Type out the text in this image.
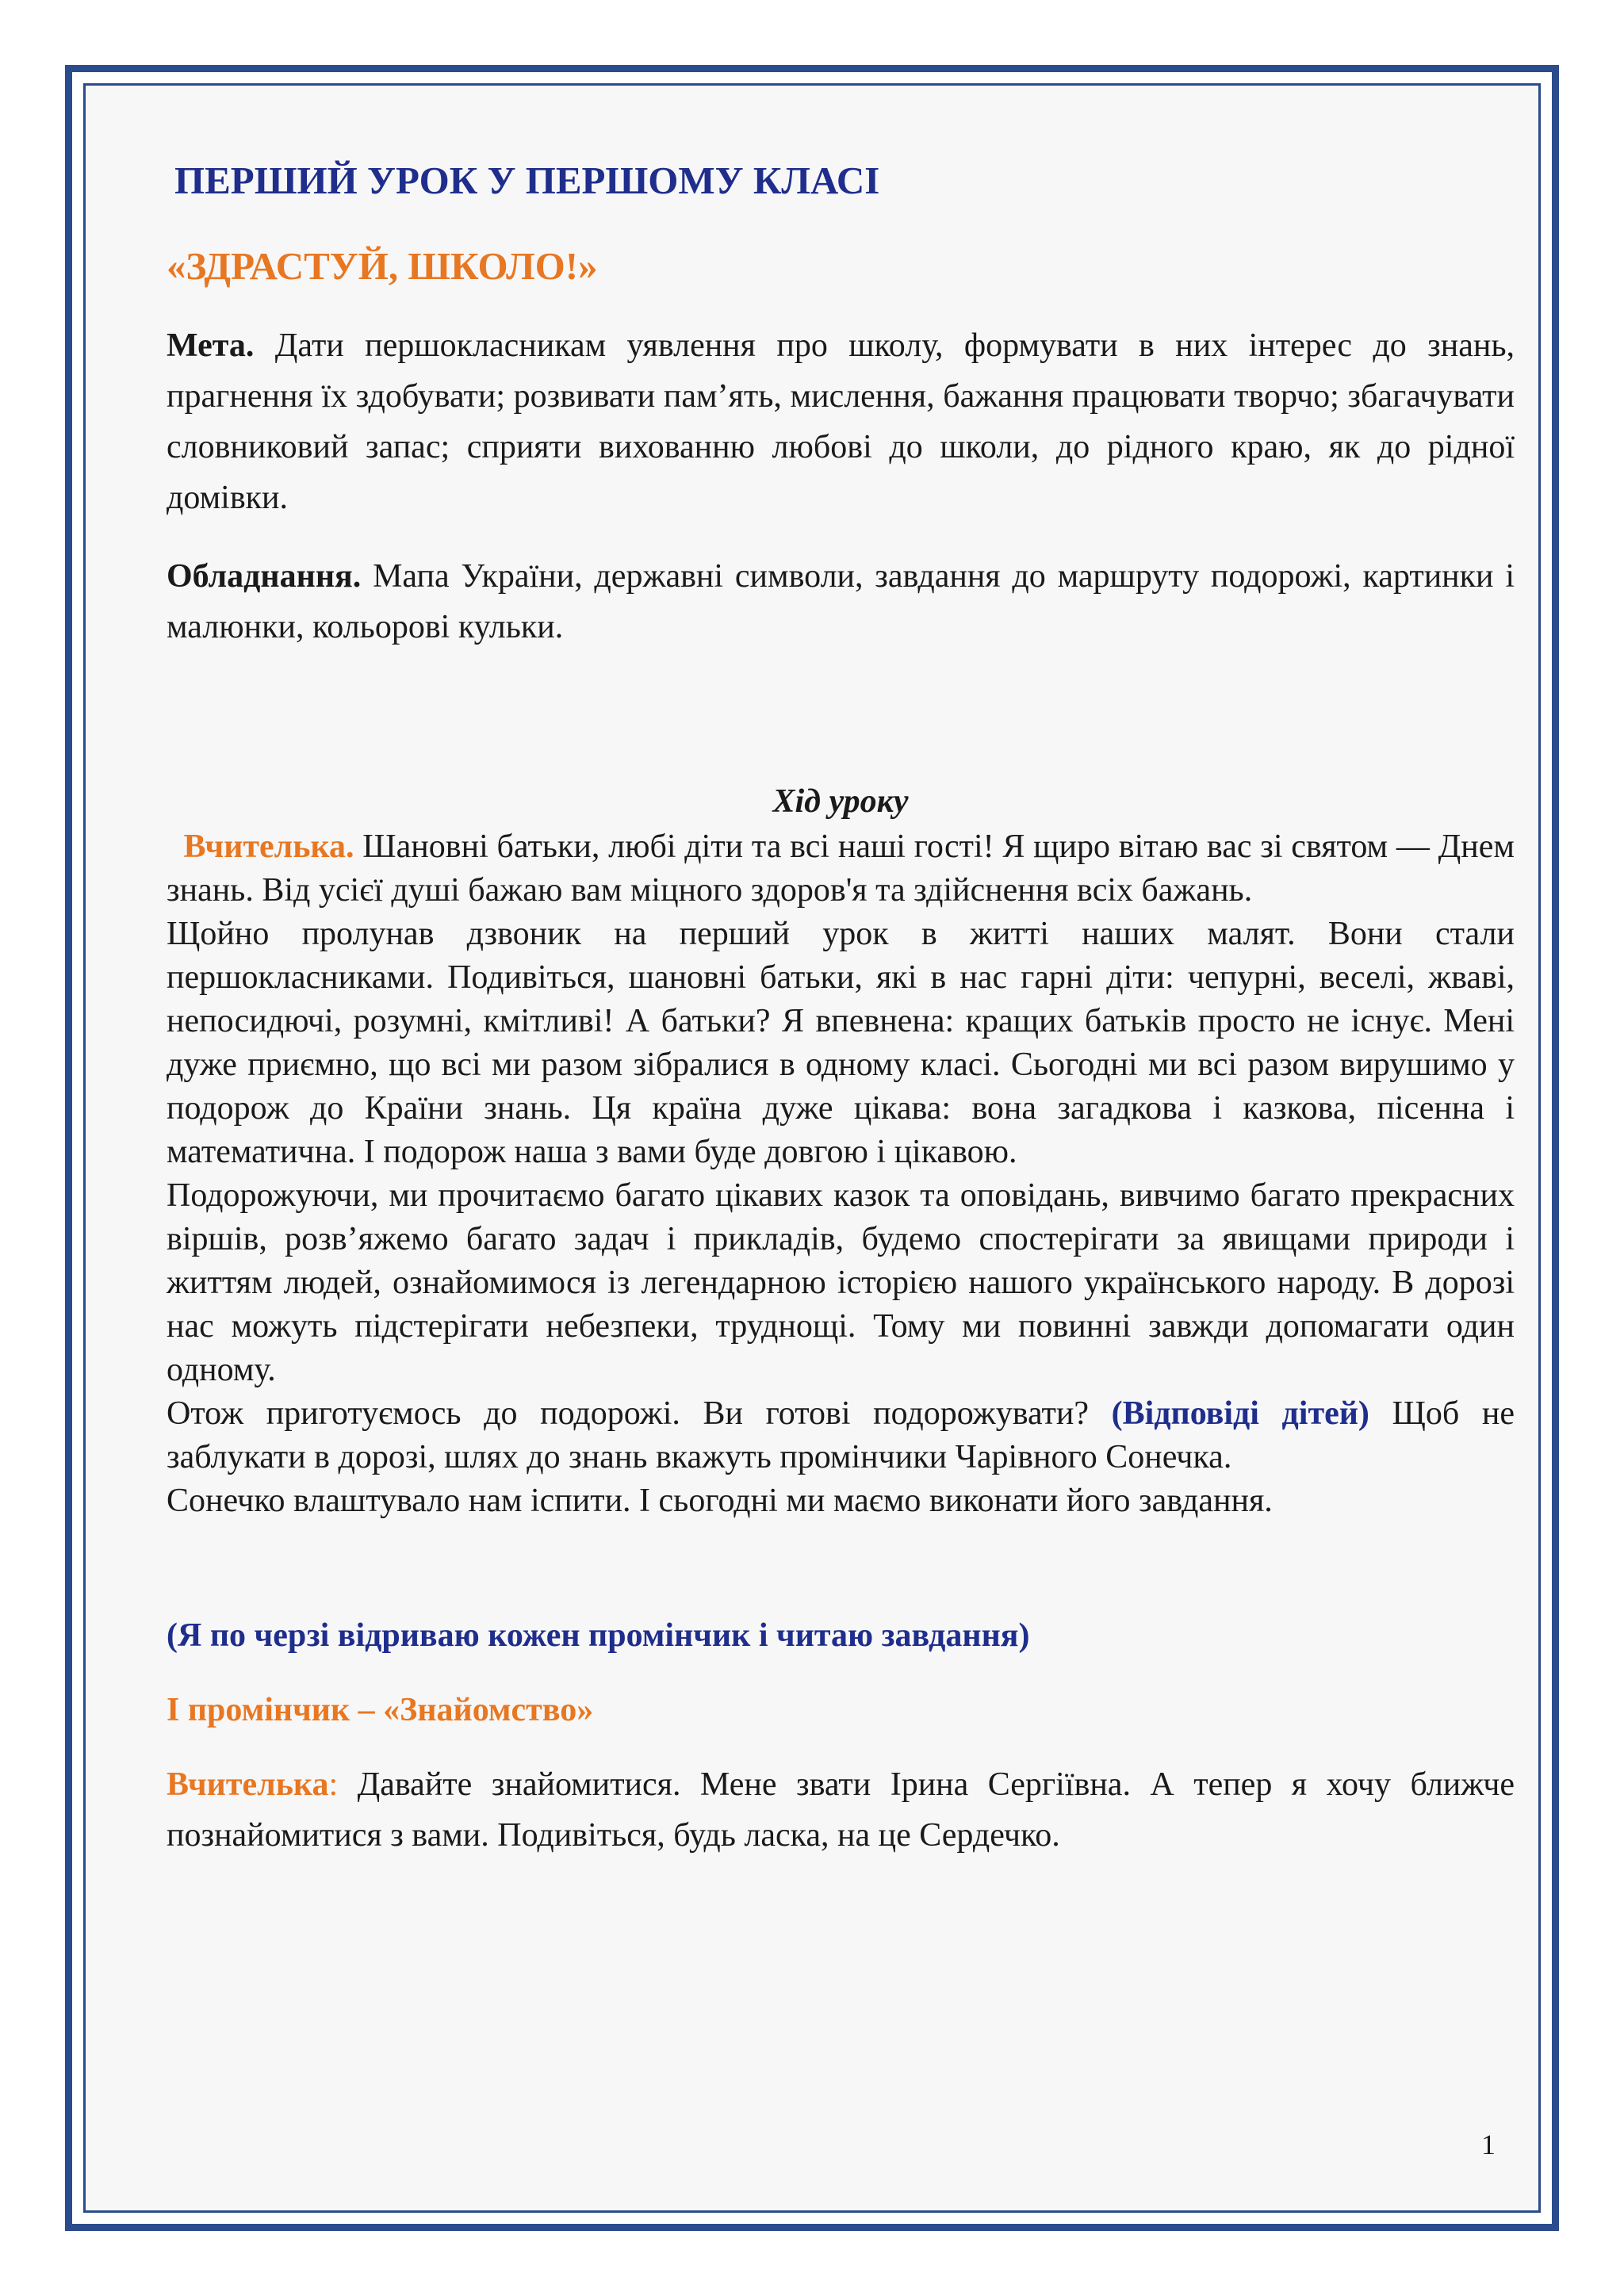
ПЕРШИЙ УРОК У ПЕРШОМУ КЛАСІ
«ЗДРАСТУЙ, ШКОЛО!»

Мета. Дати першокласникам уявлення про школу, формувати в них інтерес до знань, прагнення їх здобувати; розвивати пам’ять, мислення, бажання працювати творчо; збагачувати словниковий запас; сприяти вихованню любові до школи, до рідного краю, як до рідної домівки.

Обладнання. Мапа України, державні символи, завдання до маршруту подорожі, картинки і малюнки, кольорові кульки.

Хід уроку

Вчителька. Шановні батьки, любі діти та всі наші гості! Я щиро вітаю вас зі святом — Днем знань. Від усієї душі бажаю вам міцного здоров'я та здійснення всіх бажань.

Щойно пролунав дзвоник на перший урок в житті наших малят. Вони стали першокласниками. Подивіться, шановні батьки, які в нас гарні діти: чепурні, веселі, жваві, непосидючі, розумні, кмітливі! А батьки? Я впевнена: кращих батьків просто не існує. Мені дуже приємно, що всі ми разом зібралися в одному класі. Сьогодні ми всі разом вирушимо у подорож до Країни знань. Ця країна дуже цікава: вона загадкова і казкова, пісенна і математична. І подорож наша з вами буде довгою і цікавою.

Подорожуючи, ми прочитаємо багато цікавих казок та оповідань, вивчимо багато прекрасних віршів, розв’яжемо багато задач і прикладів, будемо спостерігати за явищами природи і життям людей, ознайомимося із легендарною історією нашого українського народу. В дорозі нас можуть підстерігати небезпеки, труднощі. Тому ми повинні завжди допомагати один одному.

Отож приготуємось до подорожі. Ви готові подорожувати? (Відповіді дітей) Щоб не заблукати в дорозі, шлях до знань вкажуть промінчики Чарівного Сонечка.

Сонечко влаштувало нам іспити. І сьогодні ми маємо виконати його завдання.

(Я по черзі відриваю кожен промінчик і читаю завдання)
І промінчик – «Знайомство»

Вчителька: Давайте знайомитися. Мене звати Ірина Сергіївна. А тепер я хочу ближче познайомитися з вами. Подивіться, будь ласка, на це Сердечко.

1
